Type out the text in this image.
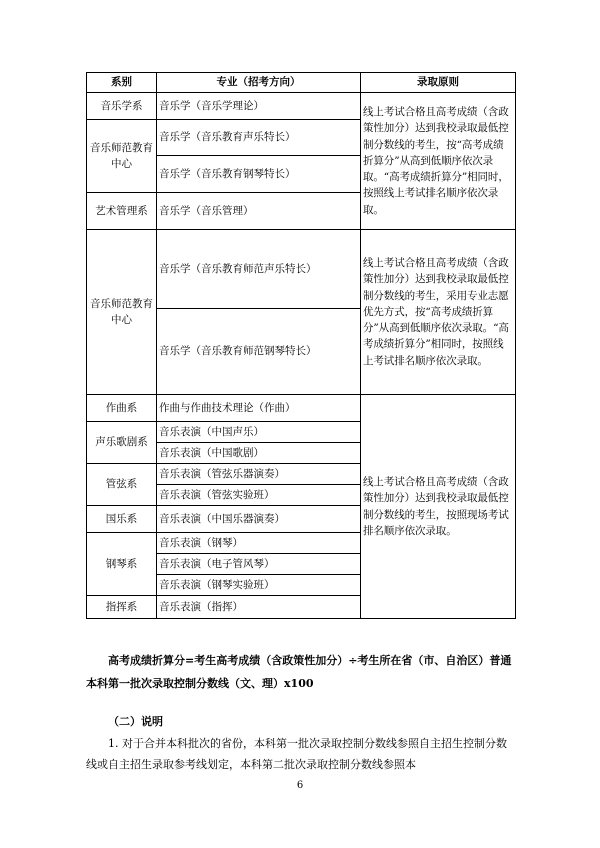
系别	专业（招考方向）	录取原则
音乐学系	音乐学（音乐学理论）	线上考试合格且高考成绩（含政策性加分）达到我校录取最低控制分数线的考生，按“高考成绩折算分”从高到低顺序依次录取。“高考成绩折算分”相同时，按照线上考试排名顺序依次录取。
音乐师范教育中心	音乐学（音乐教育声乐特长）	
	音乐学（音乐教育钢琴特长）	
艺术管理系	音乐学（音乐管理）	
音乐师范教育中心	音乐学（音乐教育师范声乐特长）	线上考试合格且高考成绩（含政策性加分）达到我校录取最低控制分数线的考生，采用专业志愿优先方式，按“高考成绩折算分”从高到低顺序依次录取。“高考成绩折算分”相同时，按照线上考试排名顺序依次录取。
	音乐学（音乐教育师范钢琴特长）	
作曲系	作曲与作曲技术理论（作曲）	线上考试合格且高考成绩（含政策性加分）达到我校录取最低控制分数线的考生，按照现场考试排名顺序依次录取。
声乐歌剧系	音乐表演（中国声乐）	
	音乐表演（中国歌剧）	
管弦系	音乐表演（管弦乐器演奏）	
	音乐表演（管弦实验班）	
国乐系	音乐表演（中国乐器演奏）	
钢琴系	音乐表演（钢琴）	
	音乐表演（电子管风琴）	
	音乐表演（钢琴实验班）	
指挥系	音乐表演（指挥）	

高考成绩折算分=考生高考成绩（含政策性加分）÷考生所在省（市、自治区）普通本科第一批次录取控制分数线（文、理）x100

（二）说明

1. 对于合并本科批次的省份，本科第一批次录取控制分数线参照自主招生控制分数线或自主招生录取参考线划定，本科第二批次录取控制分数线参照本

6
